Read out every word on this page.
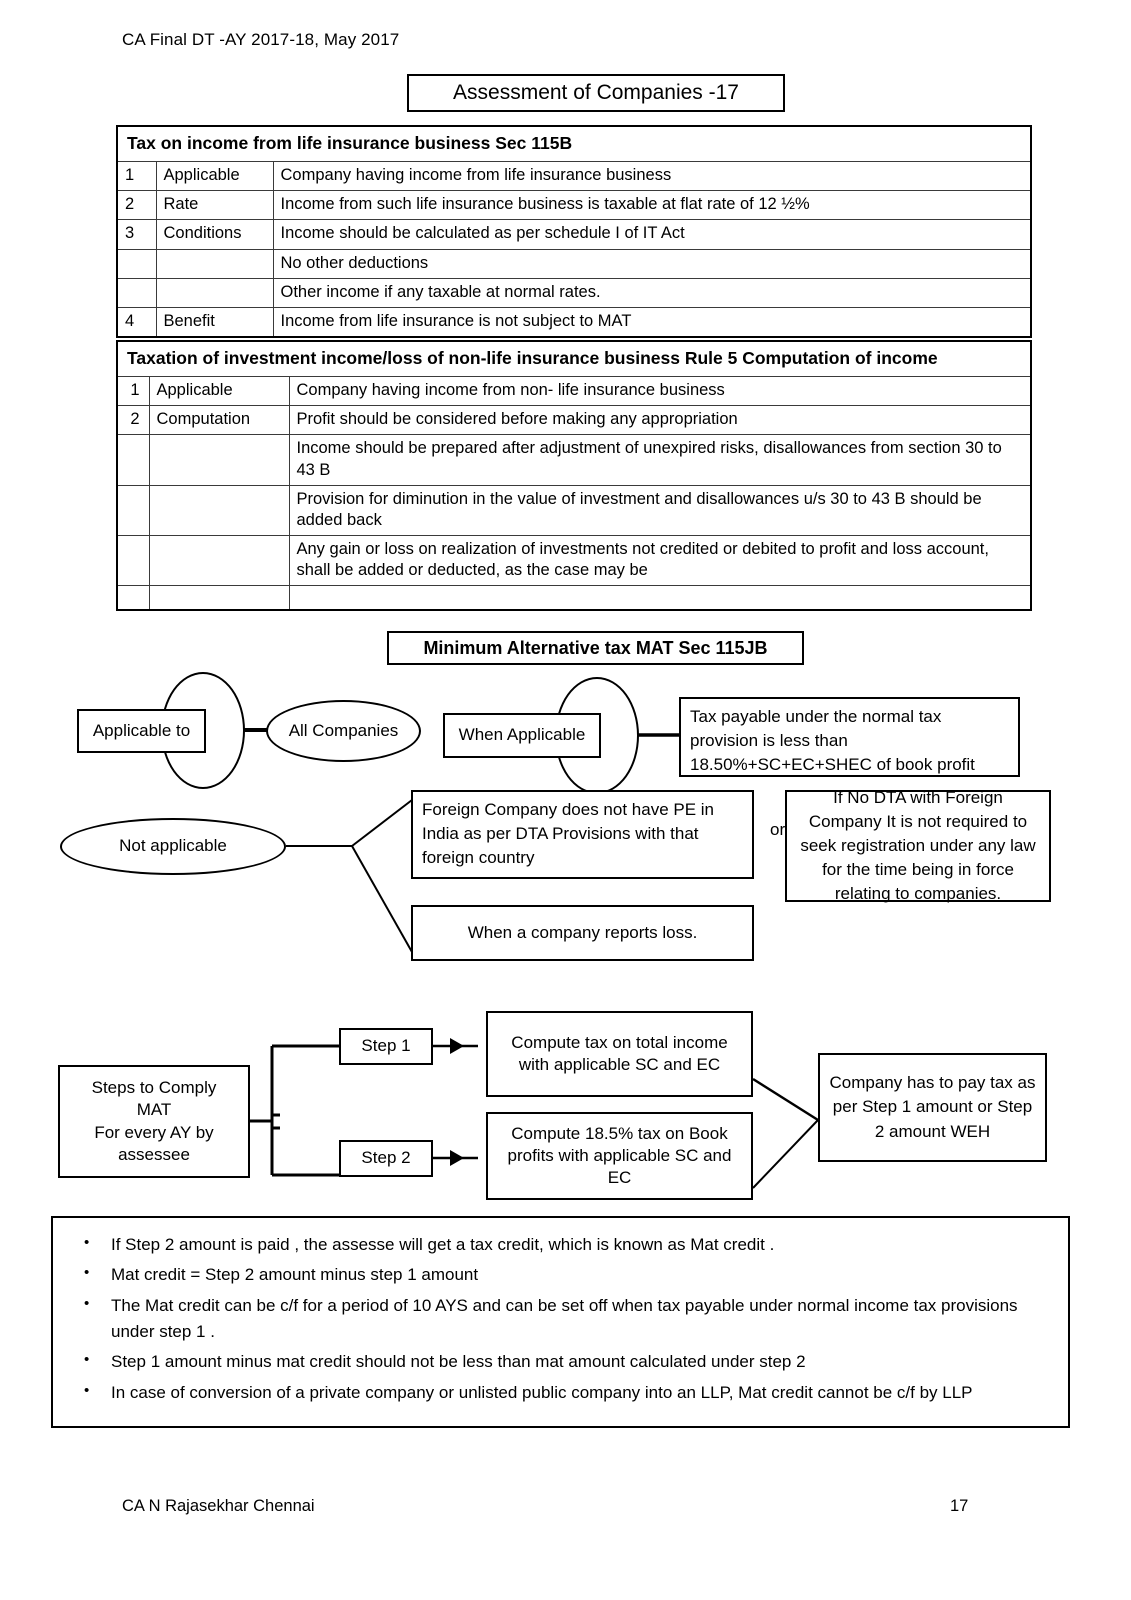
CA Final DT -AY 2017-18, May 2017
Assessment of Companies -17
Tax on income from life insurance business Sec 115B		
1	Applicable	Company having income from life insurance business
2	Rate	Income from such life insurance business is taxable at flat rate of 12 ½%
3	Conditions	Income should be calculated as per schedule I of IT Act
		No other deductions
		Other income if any taxable at normal rates.
4	Benefit	Income from life insurance is not subject to MAT
Taxation of investment income/loss of non-life insurance business Rule 5 Computation of income		
1	Applicable	Company having income from non- life insurance business
2	Computation	Profit should be considered before making any appropriation
		Income should be prepared after adjustment of unexpired risks, disallowances from section 30 to 43 B
		Provision for diminution in the value of investment and disallowances u/s 30 to 43 B should be added back
		Any gain or loss on realization of investments not credited or debited to profit and loss account, shall be added or deducted, as the case may be

Minimum Alternative tax MAT Sec 115JB
Applicable to	All Companies	When Applicable
Tax payable under the normal tax provision is less than 18.50%+SC+EC+SHEC of book profit
Not applicable
or
Foreign Company does not have PE in India as per DTA Provisions with that foreign country
If No DTA with Foreign Company It is not required to seek registration under any law for the time being in force relating to companies.
When a company reports loss.
Steps to Comply
MAT
For every AY by
assessee
Step 1
Step 2
Compute tax on total income with applicable SC and EC
Compute 18.5% tax on Book profits with applicable SC and EC
Company has to pay tax as per Step 1 amount or Step 2 amount WEH
• If Step 2 amount is paid , the assesse will get a tax credit, which is known as Mat credit .
• Mat credit = Step 2 amount minus step 1 amount
• The Mat credit can be c/f for a period of 10 AYS and can be set off when tax payable under normal income tax provisions under step 1 .
• Step 1 amount minus mat credit should not be less than mat amount calculated under step 2
• In case of conversion of a private company or unlisted public company into an LLP, Mat credit cannot be c/f by LLP
CA N Rajasekhar Chennai	17
